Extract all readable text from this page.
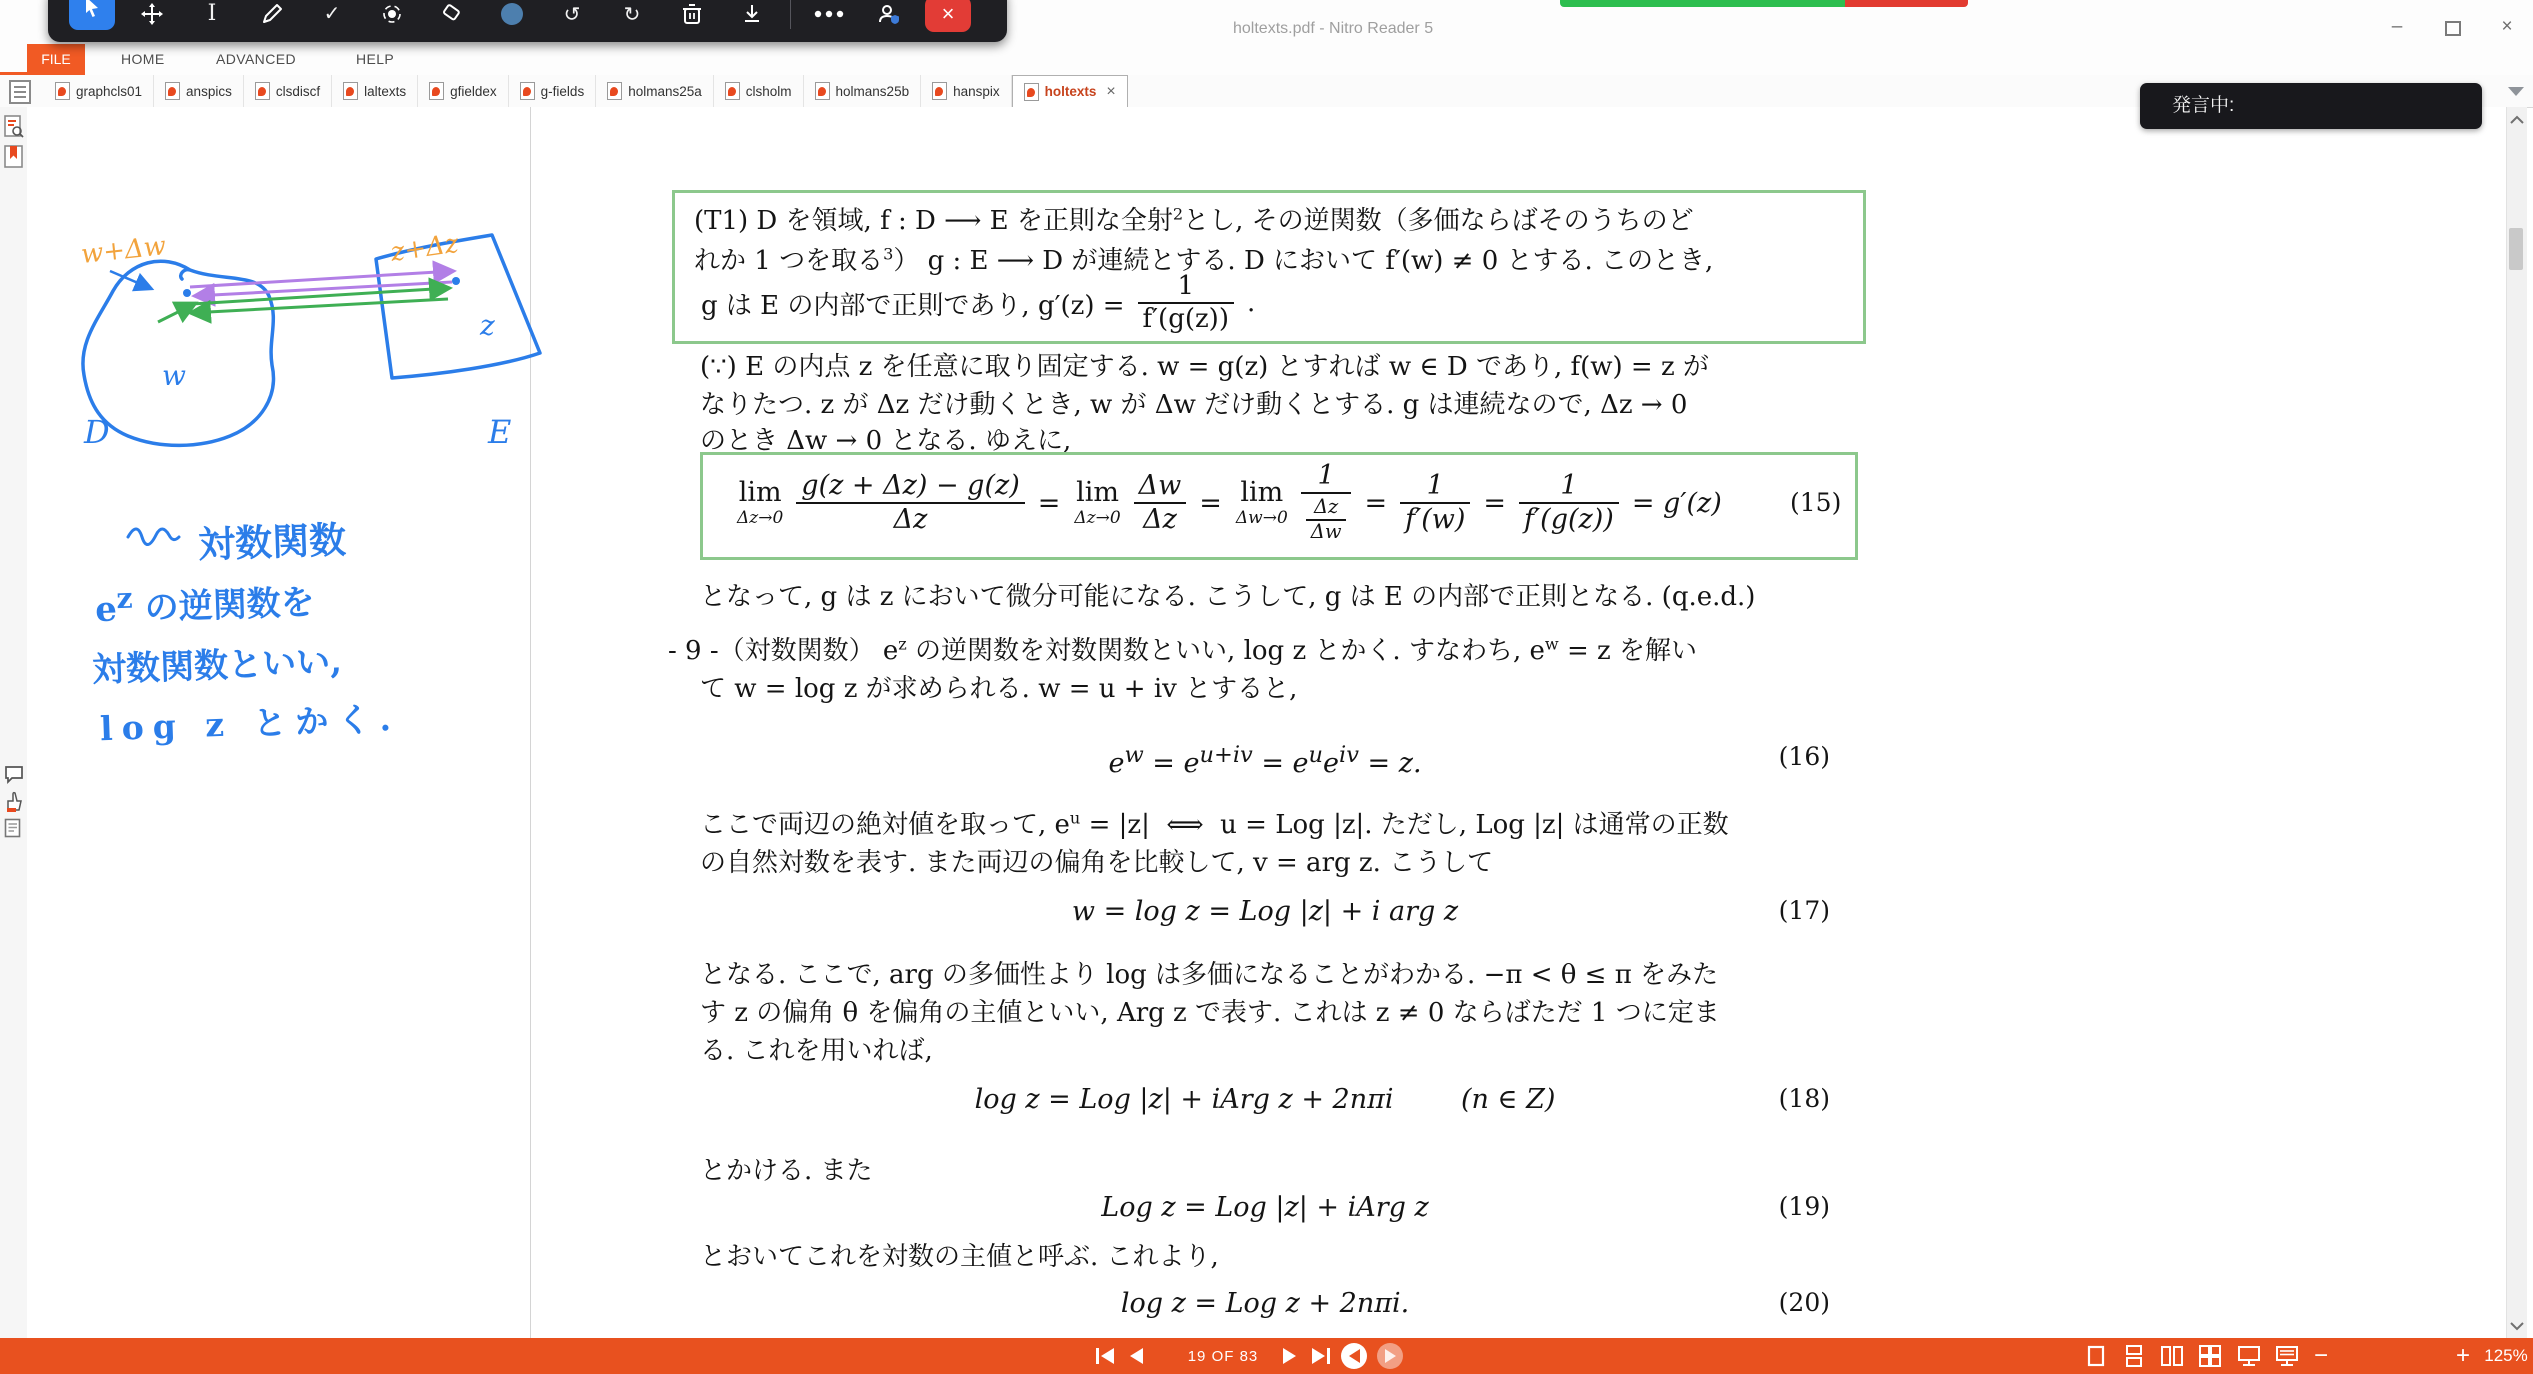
holtexts.pdf - Nitro Reader 5	–	×
FILE	HOME	ADVANCED	HELP
graphcls01	anspics	clsdiscf	laltexts	gfieldex	g-fields	holmans25a	clsholm	holmans25b	hanspix	holtexts ×
(T1) D を領域, f : D ⟶ E を正則な全射$^2$とし, その逆関数（多価ならばそのうちのど
れか 1 つを取る$^3$） g : E ⟶ D が連続とする. D において f′(w) ≠ 0 とする. このとき,
g は E の内部で正則であり, $g'(z) = \frac{1}{f'(g(z))}$ .
(∵) E の内点 z を任意に取り固定する. w = g(z) とすれば w ∈ D であり, f(w) = z が
なりたつ. z が Δz だけ動くとき, w が Δw だけ動くとする. g は連続なので, Δz → 0
のとき Δw → 0 となる. ゆえに,
lim
$\Delta z\to 0 \frac{g(z + \Delta z) - g(z)}{\Delta z} = \lim$
$\Delta z\to 0 \frac{\Delta w}{\Delta z} = \lim$
$\Delta w\to 0 \frac{1}{\frac{\Delta z}{\Delta w}} = \frac{1}{f'(w)} = \frac{1}{f'(g(z))} = g'(z)$	(15)
となって, g は z において微分可能になる. こうして, g は E の内部で正則となる. (q.e.d.)
- 9 -（対数関数） $e^z$ の逆関数を対数関数といい, log z とかく. すなわち, $e^w = z$ を解い
て w = log z が求められる. w = u + iv とすると,
$e^w = e^{u+iv} = e^ue^{iv} = z$.	(16)
ここで両辺の絶対値を取って, $e^u = |z|$  ⟺  u = Log |z|. ただし, Log |z| は通常の正数
の自然対数を表す. また両辺の偏角を比較して, v = arg z. こうして
w = log z = Log |z| + i arg z	(17)
となる. ここで, arg の多価性より log は多価になることがわかる. −π < θ ≤ π をみた
す z の偏角 θ を偏角の主値といい, Arg z で表す. これは z ≠ 0 ならばただ 1 つに定ま
る. これを用いれば,
log z = Log |z| + iArg z + 2nπi   (n ∈ Z)	(18)
とかける. また
Log z = Log |z| + iArg z	(19)
とおいてこれを対数の主値と呼ぶ. これより,
log z = Log z + 2nπi.	(20)
w+Δw	z+Δz
D	E
z
w
対数関数
$e^z$ の逆関数を
対数関数といい,
log z とかく.
19 OF 83	−	+ 125%
I	✓	↺ ↻	×
発言中:
